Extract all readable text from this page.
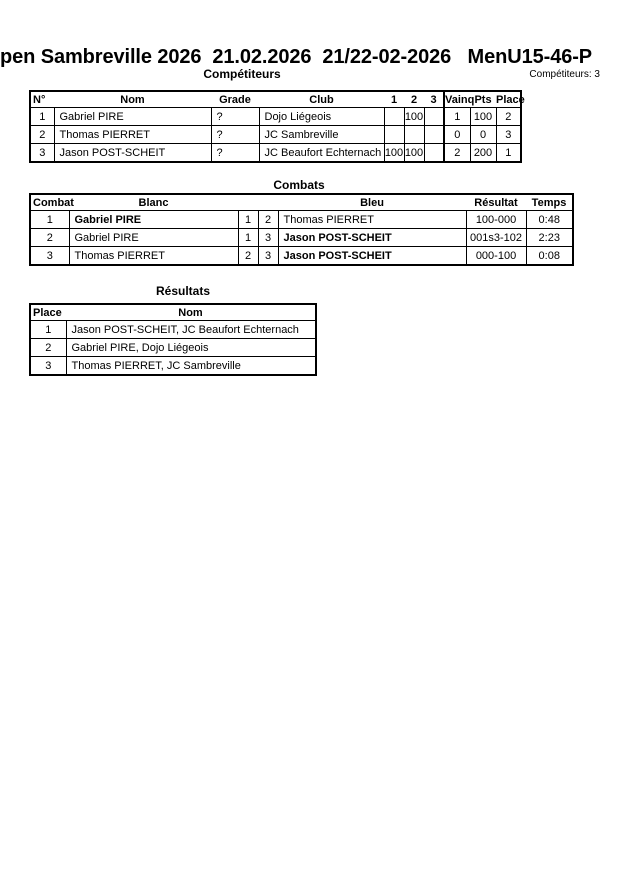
pen Sambreville 2026  21.02.2026  21/22-02-2026   MenU15-46-P
Compétiteurs	Compétiteurs: 3
N°	Nom	Grade	Club	1	2	3	Vainq	Pts	Place
1	Gabriel PIRE	?	Dojo Liégeois		100		1	100	2
2	Thomas PIERRET	?	JC Sambreville				0	0	3
3	Jason POST-SCHEIT	?	JC Beaufort Echternach	100	100		2	200	1
Combats
Combat	Blanc			Bleu	Résultat	Temps
1	Gabriel PIRE	1	2	Thomas PIERRET	100-000	0:48
2	Gabriel PIRE	1	3	Jason POST-SCHEIT	001s3-102	2:23
3	Thomas PIERRET	2	3	Jason POST-SCHEIT	000-100	0:08
Résultats
Place	Nom
1	Jason POST-SCHEIT, JC Beaufort Echternach
2	Gabriel PIRE, Dojo Liégeois
3	Thomas PIERRET, JC Sambreville
